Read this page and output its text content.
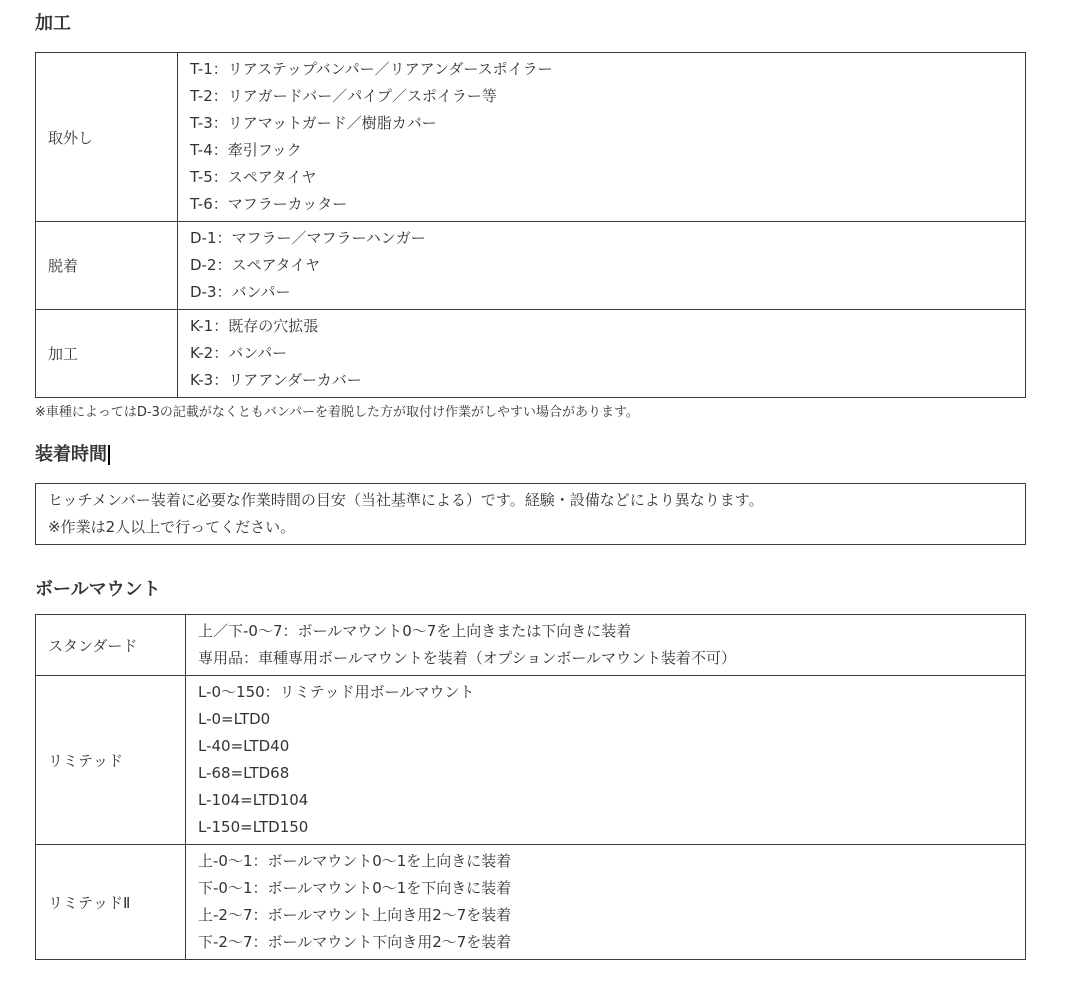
加工
取外し	
T-1：リアステップバンパー／リアアンダースポイラー
T-2：リアガードバー／パイプ／スポイラー等
T-3：リアマットガード／樹脂カバー
T-4：牽引フック
T-5：スペアタイヤ
T-6：マフラーカッター

脱着	D-1：マフラー／マフラーハンガー
D-2：スペアタイヤ
D-3：バンパー

加工	K-1：既存の穴拡張
K-2：バンパー
K-3：リアアンダーカバー

※車種によってはD-3の記載がなくともバンパーを着脱した方が取付け作業がしやすい場合があります。

装着時間
ヒッチメンバー装着に必要な作業時間の目安（当社基準による）です。経験・設備などにより異なります。
※作業は2人以上で行ってください。
ボールマウント
スタンダード	上／下-0～7：ボールマウント0～7を上向きまたは下向きに装着
専用品：車種専用ボールマウントを装着（オプションボールマウント装着不可）

リミテッド	
L-0～150：リミテッド用ボールマウント
L-0=LTD0
L-40=LTD40
L-68=LTD68
L-104=LTD104
L-150=LTD150

リミテッドⅡ	上-0～1：ボールマウント0～1を上向きに装着
下-0～1：ボールマウント0～1を下向きに装着
上-2～7：ボールマウント上向き用2～7を装着
下-2～7：ボールマウント下向き用2～7を装着
